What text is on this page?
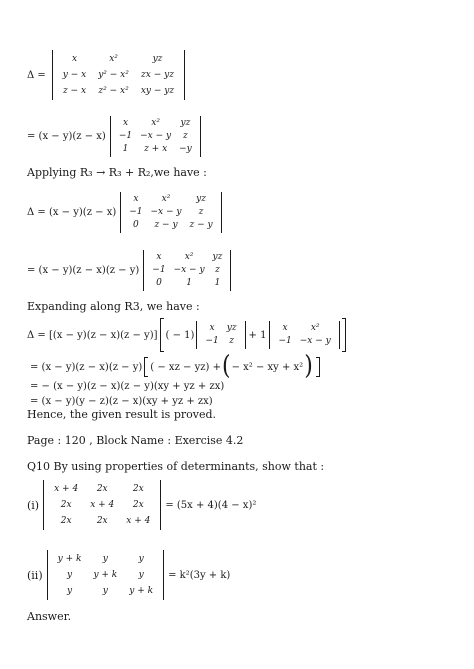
Δ =
x	x²	yz
y − x	y² − x²	zx − yz
z − x	z² − x²	xy − yz
= (x − y)(z − x)
x	x²	yz
−1	−x − y	z
1	z + x	−y
Applying R₃ → R₃ + R₂,we have :
Δ = (x − y)(z − x)
x	x²	yz
−1	−x − y	z
0	z − y	z − y
= (x − y)(z − x)(z − y)
x	x²	yz
−1	−x − y	z
0	1	1
Expanding along R3, we have :
Δ = [(x − y)(z − x)(z − y)] ( − 1)
x	yz
−1	z
+ 1
x	x²
−1	−x − y
= (x − y)(z − x)(z − y) ( − xz − yz) + ( − x² − xy + x² )
= − (x − y)(z − x)(z − y)(xy + yz + zx)
= (x − y)(y − z)(z − x)(xy + yz + zx)
Hence, the given result is proved.
Page : 120 , Block Name : Exercise 4.2
Q10 By using properties of determinants, show that :
(i)
x + 4	2x	2x
2x	x + 4	2x
2x	2x	x + 4
= (5x + 4)(4 − x)²
(ii)
y + k	y	y
y	y + k	y
y	y	y + k
= k²(3y + k)
Answer.
